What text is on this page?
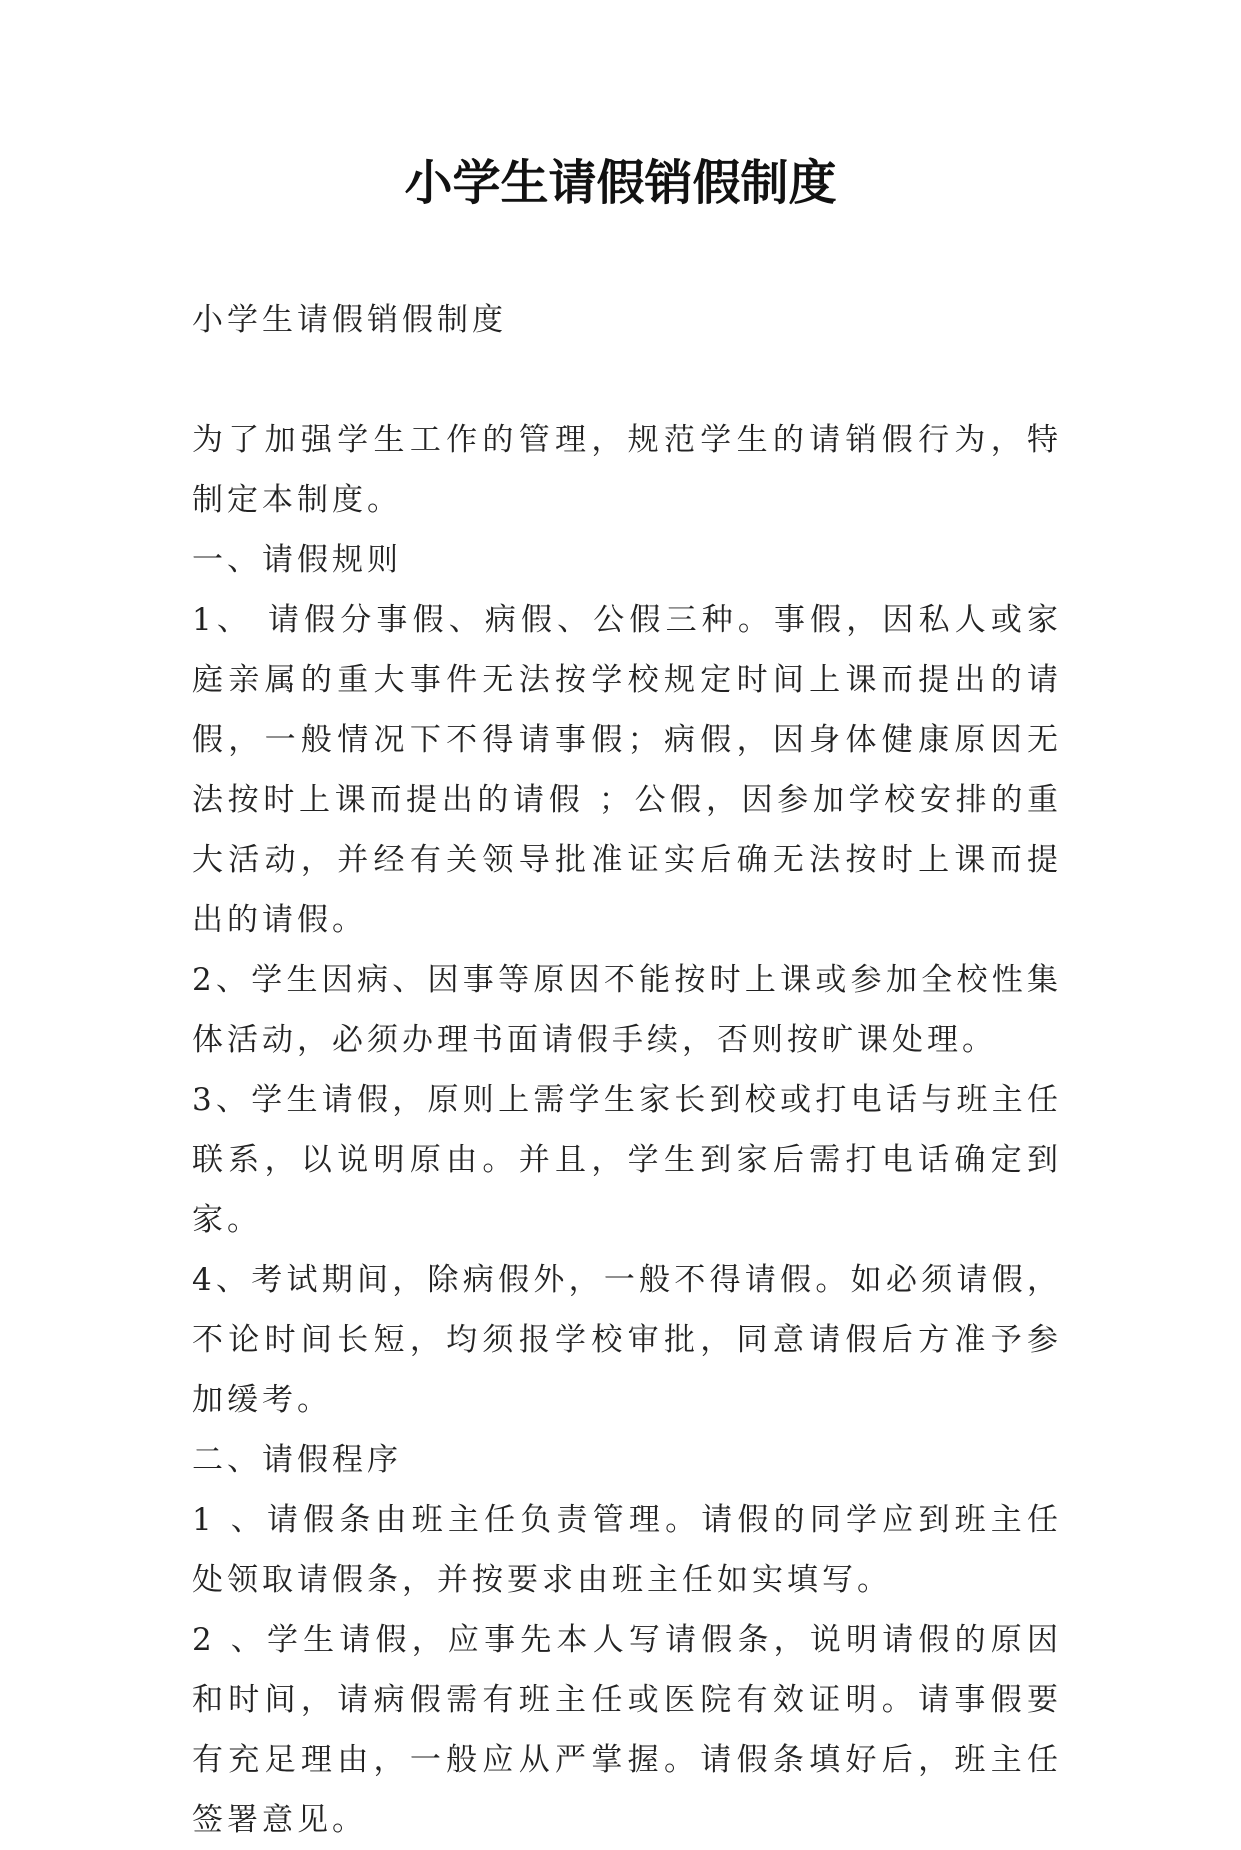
小学生请假销假制度

小学生请假销假制度

为了加强学生工作的管理，规范学生的请销假行为，特制定本制度。

一、请假规则

1、 请假分事假、病假、公假三种。事假，因私人或家庭亲属的重大事件无法按学校规定时间上课而提出的请假，一般情况下不得请事假；病假，因身体健康原因无法按时上课而提出的请假 ；公假，因参加学校安排的重大活动，并经有关领导批准证实后确无法按时上课而提出的请假。

2、学生因病、因事等原因不能按时上课或参加全校性集体活动，必须办理书面请假手续，否则按旷课处理。

3、学生请假，原则上需学生家长到校或打电话与班主任联系，以说明原由。并且，学生到家后需打电话确定到家。

4、考试期间，除病假外，一般不得请假。如必须请假，不论时间长短，均须报学校审批，同意请假后方准予参加缓考。

二、请假程序

1 、请假条由班主任负责管理。请假的同学应到班主任处领取请假条，并按要求由班主任如实填写。

2 、学生请假，应事先本人写请假条，说明请假的原因和时间，请病假需有班主任或医院有效证明。请事假要有充足理由，一般应从严掌握。请假条填好后，班主任签署意见。
